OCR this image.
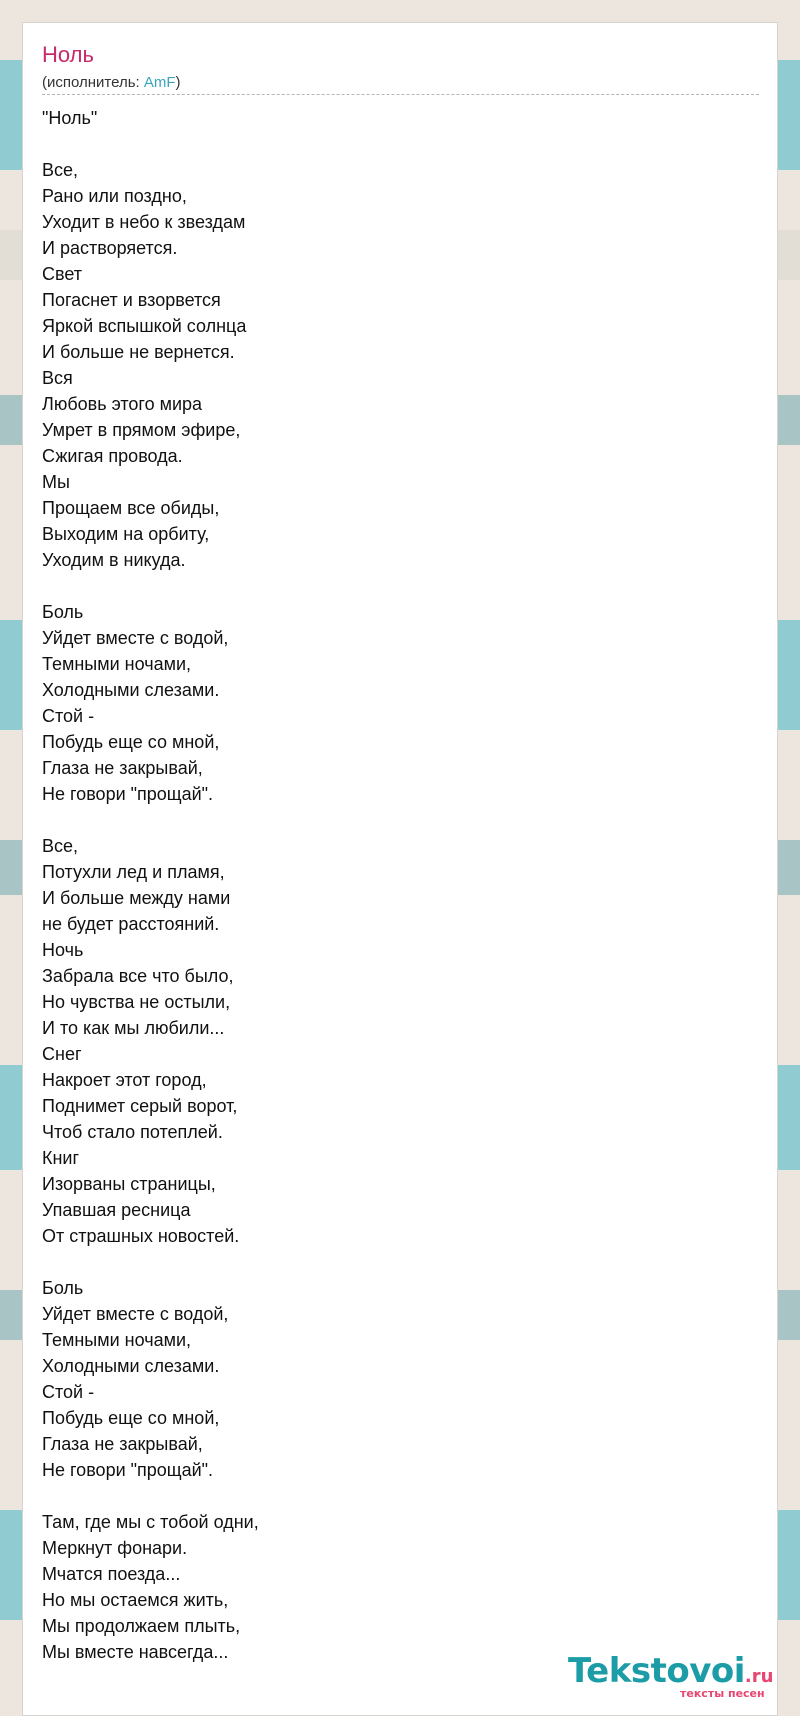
Ноль
(исполнитель: AmF)
"Ноль"

Все,
Рано или поздно,
Уходит в небо к звездам
И растворяется.
Свет
Погаснет и взорвется
Яркой вспышкой солнца
И больше не вернется.
Вся
Любовь этого мира
Умрет в прямом эфире,
Сжигая провода.
Мы
Прощаем все обиды,
Выходим на орбиту,
Уходим в никуда.

Боль
Уйдет вместе с водой,
Темными ночами,
Холодными слезами.
Стой -
Побудь еще со мной,
Глаза не закрывай,
Не говори "прощай".

Все,
Потухли лед и пламя,
И больше между нами
не будет расстояний.
Ночь
Забрала все что было,
Но чувства не остыли,
И то как мы любили...
Снег
Накроет этот город,
Поднимет серый ворот,
Чтоб стало потеплей.
Книг
Изорваны страницы,
Упавшая ресница
От страшных новостей.

Боль
Уйдет вместе с водой,
Темными ночами,
Холодными слезами.
Стой -
Побудь еще со мной,
Глаза не закрывай,
Не говори "прощай".

Там, где мы с тобой одни,
Меркнут фонари.
Мчатся поезда...
Но мы остаемся жить,
Мы продолжаем плыть,
Мы вместе навсегда...	Tekstovoi.ru
тексты песен
